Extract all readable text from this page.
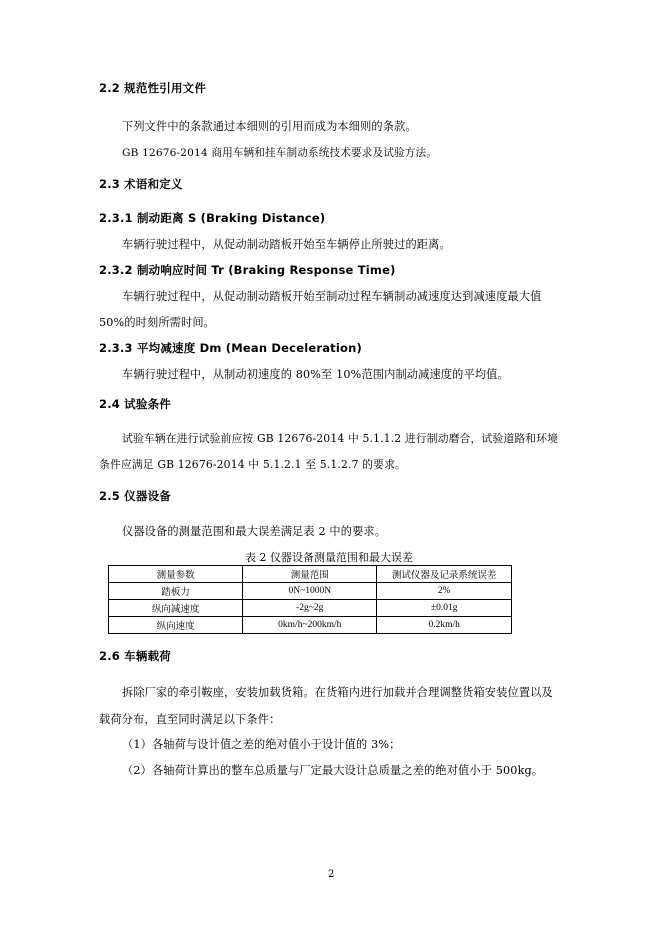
2.2 规范性引用文件
下列文件中的条款通过本细则的引用而成为本细则的条款。
GB 12676-2014 商用车辆和挂车制动系统技术要求及试验方法。
2.3 术语和定义
2.3.1 制动距离 S (Braking Distance)
车辆行驶过程中，从促动制动踏板开始至车辆停止所驶过的距离。
2.3.2 制动响应时间 Tr (Braking Response Time)
车辆行驶过程中，从促动制动踏板开始至制动过程车辆制动减速度达到减速度最大值
50%的时刻所需时间。
2.3.3 平均减速度 Dm (Mean Deceleration)
车辆行驶过程中，从制动初速度的 80%至 10%范围内制动减速度的平均值。
2.4 试验条件
试验车辆在进行试验前应按 GB 12676-2014 中 5.1.1.2 进行制动磨合，试验道路和环境
条件应满足 GB 12676-2014 中 5.1.2.1 至 5.1.2.7 的要求。
2.5 仪器设备
仪器设备的测量范围和最大误差满足表 2 中的要求。
表 2 仪器设备测量范围和最大误差
测量参数	测量范围	测试仪器及记录系统误差
踏板力	0N~1000N	2%
纵向减速度	-2g~2g	±0.01g
纵向速度	0km/h~200km/h	0.2km/h
2.6 车辆载荷
拆除厂家的牵引鞍座，安装加载货箱。在货箱内进行加载并合理调整货箱安装位置以及
载荷分布，直至同时满足以下条件：
（1）各轴荷与设计值之差的绝对值小于设计值的 3%；
（2）各轴荷计算出的整车总质量与厂定最大设计总质量之差的绝对值小于 500kg。
2
